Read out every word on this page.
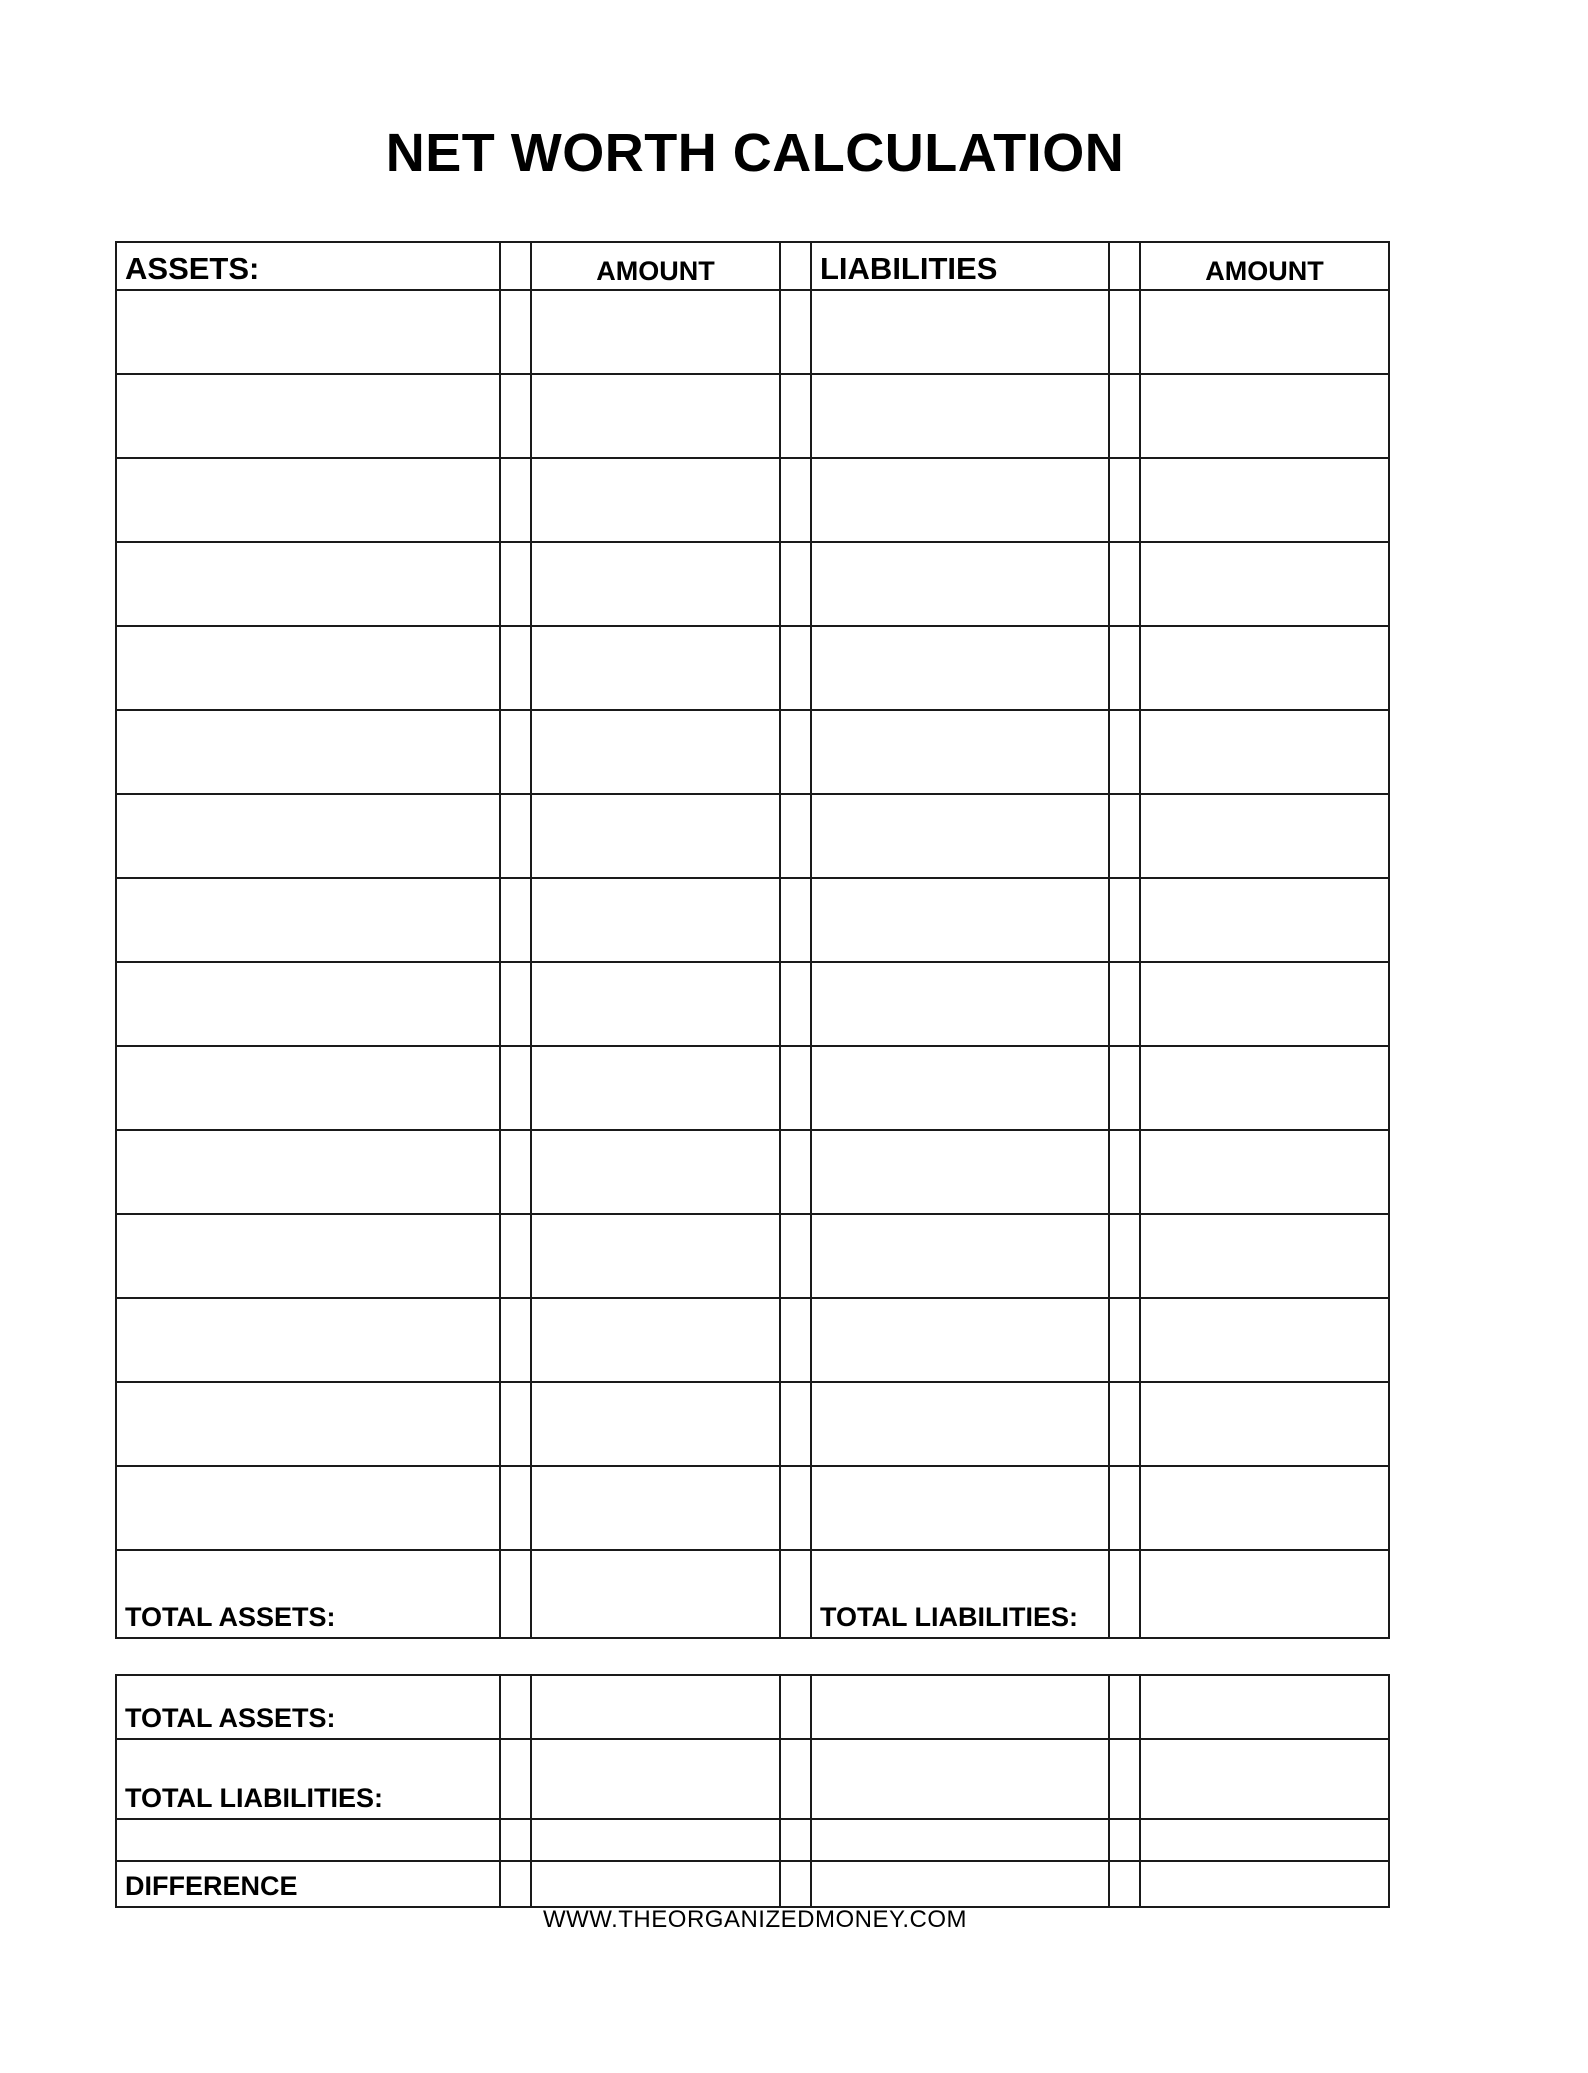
NET WORTH CALCULATION
ASSETS:		AMOUNT		LIABILITIES		AMOUNT

TOTAL ASSETS:				TOTAL LIABILITIES:		
TOTAL ASSETS:						
TOTAL LIABILITIES:						

DIFFERENCE						
WWW.THEORGANIZEDMONEY.COM
